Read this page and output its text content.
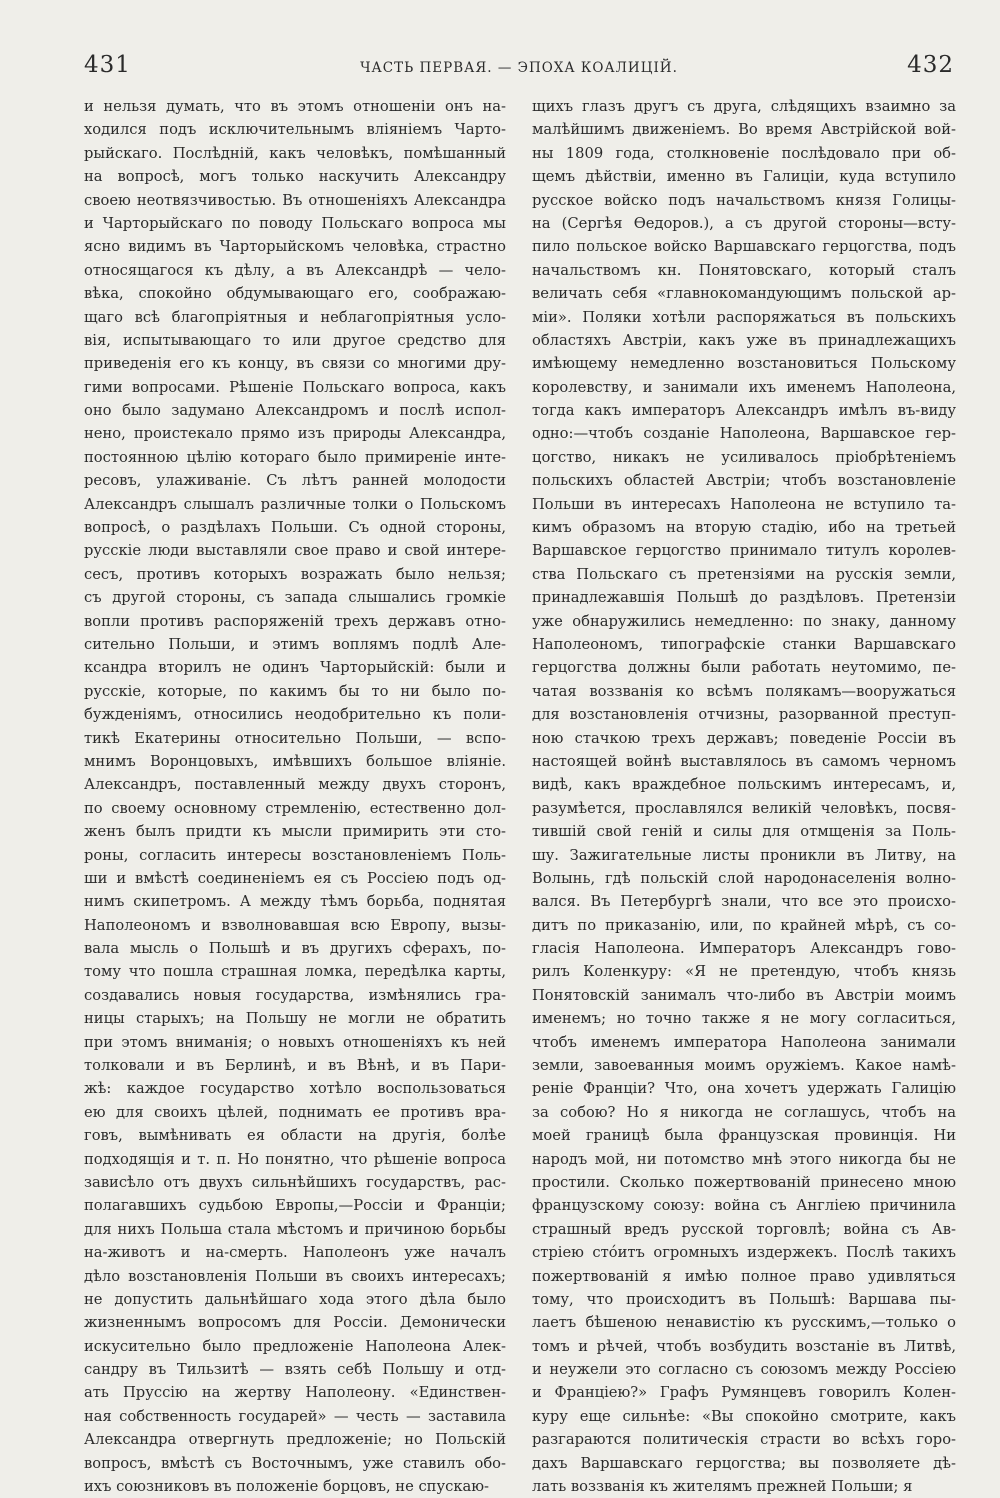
431	ЧАСТЬ ПЕРВАЯ. — ЭПОХА КОАЛИЦІЙ.	432
и нельзя думать, что въ этомъ отношеніи онъ на-
ходился подъ исключительнымъ вліяніемъ Чарто-
рыйскаго. Послѣдній, какъ человѣкъ, помѣшанный
на вопросѣ, могъ только наскучить Александру
своею неотвязчивостью. Въ отношеніяхъ Александра
и Чарторыйскаго по поводу Польскаго вопроса мы
ясно видимъ въ Чарторыйскомъ человѣка, страстно
относящагося къ дѣлу, а въ Александрѣ — чело-
вѣка, спокойно обдумывающаго его, соображаю-
щаго всѣ благопріятныя и неблагопріятныя усло-
вія, испытывающаго то или другое средство для
приведенія его къ концу, въ связи со многими дру-
гими вопросами. Рѣшеніе Польскаго вопроса, какъ
оно было задумано Александромъ и послѣ испол-
нено, проистекало прямо изъ природы Александра,
постоянною цѣлію котораго было примиреніе инте-
ресовъ, улаживаніе. Съ лѣтъ ранней молодости
Александръ слышалъ различные толки о Польскомъ
вопросѣ, о раздѣлахъ Польши. Съ одной стороны,
русскіе люди выставляли свое право и свой интере-
сесъ, противъ которыхъ возражать было нельзя;
съ другой стороны, съ запада слышались громкіе
вопли противъ распоряженій трехъ державъ отно-
сительно Польши, и этимъ воплямъ подлѣ Але-
ксандра вторилъ не одинъ Чарторыйскій: были и
русскіе, которые, по какимъ бы то ни было по-
бужденіямъ, относились неодобрительно къ поли-
тикѣ Екатерины относительно Польши, — вспо-
мнимъ Воронцовыхъ, имѣвшихъ большое вліяніе.
Александръ, поставленный между двухъ сторонъ,
по своему основному стремленію, естественно дол-
женъ былъ придти къ мысли примирить эти сто-
роны, согласить интересы возстановленіемъ Поль-
ши и вмѣстѣ соединеніемъ ея съ Россіею подъ од-
нимъ скипетромъ. А между тѣмъ борьба, поднятая
Наполеономъ и взволновавшая всю Европу, вызы-
вала мысль о Польшѣ и въ другихъ сферахъ, по-
тому что пошла страшная ломка, передѣлка карты,
создавались новыя государства, измѣнялись гра-
ницы старыхъ; на Польшу не могли не обратить
при этомъ вниманія; о новыхъ отношеніяхъ къ ней
толковали и въ Берлинѣ, и въ Вѣнѣ, и въ Пари-
жѣ: каждое государство хотѣло воспользоваться
ею для своихъ цѣлей, поднимать ее противъ вра-
говъ, вымѣнивать ея области на другія, болѣе
подходящія и т. п. Но понятно, что рѣшеніе вопроса
зависѣло отъ двухъ сильнѣйшихъ государствъ, рас-
полагавшихъ судьбою Европы,—Россіи и Франціи;
для нихъ Польша стала мѣстомъ и причиною борьбы
на-животъ и на-смерть. Наполеонъ уже началъ
дѣло возстановленія Польши въ своихъ интересахъ;
не допустить дальнѣйшаго хода этого дѣла было
жизненнымъ вопросомъ для Россіи. Демонически
искусительно было предложеніе Наполеона Алек-
сандру въ Тильзитѣ — взять себѣ Польшу и отд-
ать Пруссію на жертву Наполеону. «Единствен-
ная собственность государей» — честь — заставила
Александра отвергнуть предложеніе; но Польскій
вопросъ, вмѣстѣ съ Восточнымъ, уже ставилъ обо-
ихъ союзниковъ въ положеніе борцовъ, не спускаю-
щихъ глазъ другъ съ друга, слѣдящихъ взаимно за
малѣйшимъ движеніемъ. Во время Австрійской вой-
ны 1809 года, столкновеніе послѣдовало при об-
щемъ дѣйствіи, именно въ Галиціи, куда вступило
русское войско подъ начальствомъ князя Голицы-
на (Сергѣя Ѳедоров.), а съ другой стороны—всту-
пило польское войско Варшавскаго герцогства, подъ
начальствомъ кн. Понятовскаго, который сталъ
величать себя «главнокомандующимъ польской ар-
міи». Поляки хотѣли распоряжаться въ польскихъ
областяхъ Австріи, какъ уже въ принадлежащихъ
имѣющему немедленно возстановиться Польскому
королевству, и занимали ихъ именемъ Наполеона,
тогда какъ императоръ Александръ имѣлъ въ-виду
одно:—чтобъ созданіе Наполеона, Варшавское гер-
цогство, никакъ не усиливалось пріобрѣтеніемъ
польскихъ областей Австріи; чтобъ возстановленіе
Польши въ интересахъ Наполеона не вступило та-
кимъ образомъ на вторую стадію, ибо на третьей
Варшавское герцогство принимало титулъ королев-
ства Польскаго съ претензіями на русскія земли,
принадлежавшія Польшѣ до раздѣловъ. Претензіи
уже обнаружились немедленно: по знаку, данному
Наполеономъ, типографскіе станки Варшавскаго
герцогства должны были работать неутомимо, пе-
чатая воззванія ко всѣмъ полякамъ—вооружаться
для возстановленія отчизны, разорванной преступ-
ною стачкою трехъ державъ; поведеніе Россіи въ
настоящей войнѣ выставлялось въ самомъ черномъ
видѣ, какъ враждебное польскимъ интересамъ, и,
разумѣется, прославлялся великій человѣкъ, посвя-
тившій свой геній и силы для отмщенія за Поль-
шу. Зажигательные листы проникли въ Литву, на
Волынь, гдѣ польскій слой народонаселенія волно-
вался. Въ Петербургѣ знали, что все это происхо-
дитъ по приказанію, или, по крайней мѣрѣ, съ со-
гласія Наполеона. Императоръ Александръ гово-
рилъ Коленкуру: «Я не претендую, чтобъ князь
Понятовскій занималъ что-либо въ Австріи моимъ
именемъ; но точно также я не могу согласиться,
чтобъ именемъ императора Наполеона занимали
земли, завоеванныя моимъ оружіемъ. Какое намѣ-
реніе Франціи? Что, она хочетъ удержать Галицію
за собою? Но я никогда не соглашусь, чтобъ на
моей границѣ была французская провинція. Ни
народъ мой, ни потомство мнѣ этого никогда бы не
простили. Сколько пожертвованій принесено мною
французскому союзу: война съ Англіею причинила
страшный вредъ русской торговлѣ; война съ Ав-
стріею стóитъ огромныхъ издержекъ. Послѣ такихъ
пожертвованій я имѣю полное право удивляться
тому, что происходитъ въ Польшѣ: Варшава пы-
лаетъ бѣшеною ненавистію къ русскимъ,—только о
томъ и рѣчей, чтобъ возбудить возстаніе въ Литвѣ,
и неужели это согласно съ союзомъ между Россіею
и Франціею?» Графъ Румянцевъ говорилъ Колен-
куру еще сильнѣе: «Вы спокойно смотрите, какъ
разгараются политическія страсти во всѣхъ горо-
дахъ Варшавскаго герцогства; вы позволяете дѣ-
лать воззванія къ жителямъ прежней Польши; я
